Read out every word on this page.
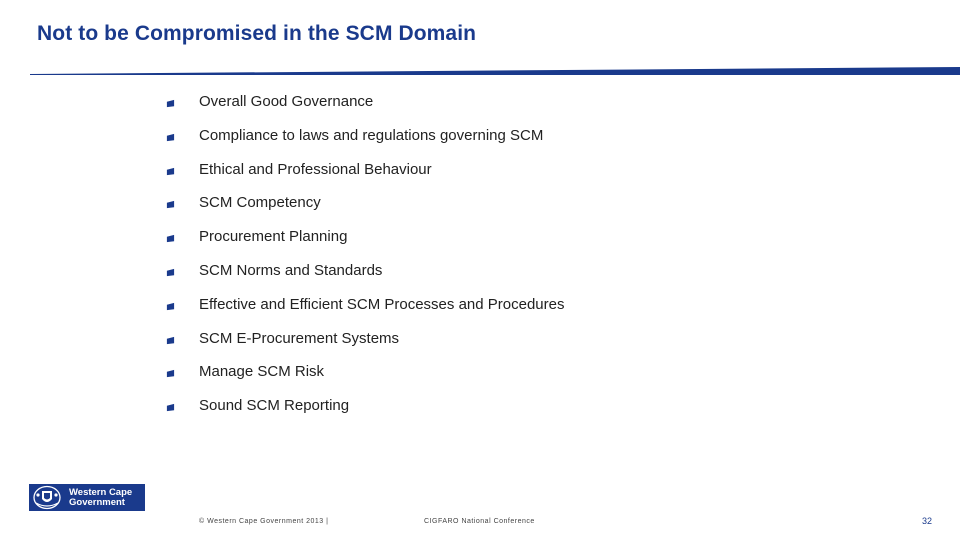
Not to be Compromised in the SCM Domain
Overall Good Governance
Compliance to laws and regulations governing SCM
Ethical and Professional Behaviour
SCM Competency
Procurement Planning
SCM Norms and Standards
Effective and Efficient SCM Processes and Procedures
SCM E-Procurement Systems
Manage SCM Risk
Sound SCM Reporting
Western Cape
Government
© Western Cape Government 2013 |	CIGFARO National Conference	32
